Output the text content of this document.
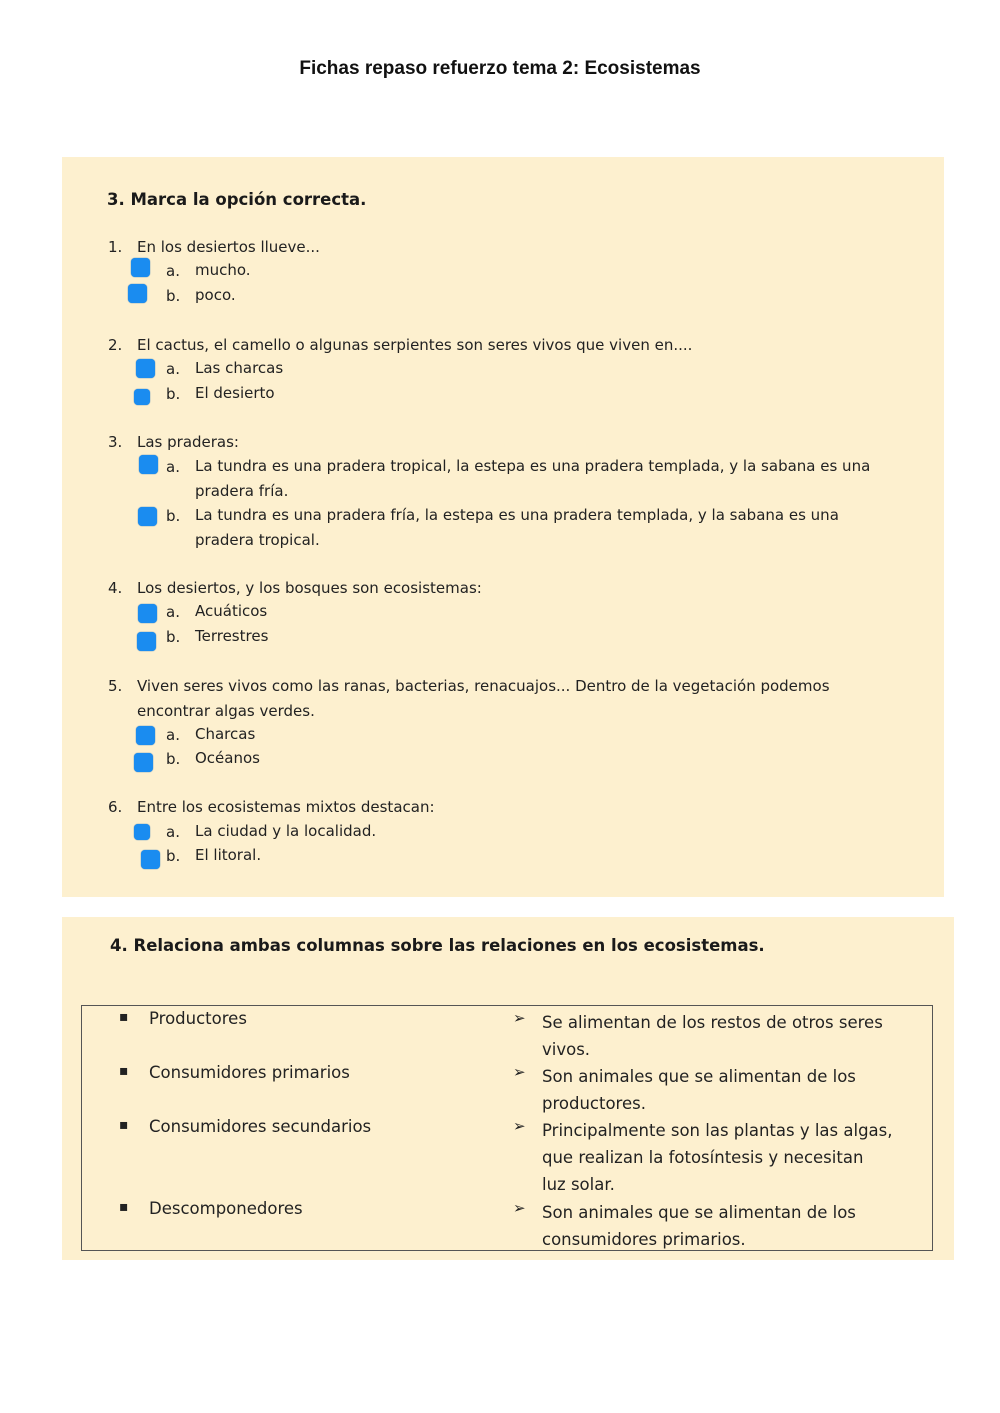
Fichas repaso refuerzo tema 2: Ecosistemas
3. Marca la opción correcta.
1. En los desiertos llueve...
a. mucho.
b. poco.
2. El cactus, el camello o algunas serpientes son seres vivos que viven en....
a. Las charcas
b. El desierto
3. Las praderas:
a. La tundra es una pradera tropical, la estepa es una pradera templada, y la sabana es una
pradera fría.
b. La tundra es una pradera fría, la estepa es una pradera templada, y la sabana es una
pradera tropical.
4. Los desiertos, y los bosques son ecosistemas:
a. Acuáticos
b. Terrestres
5. Viven seres vivos como las ranas, bacterias, renacuajos... Dentro de la vegetación podemos
encontrar algas verdes.
a. Charcas
b. Océanos
6. Entre los ecosistemas mixtos destacan:
a. La ciudad y la localidad.
b. El litoral.
4. Relaciona ambas columnas sobre las relaciones en los ecosistemas.
▪ Productores	➢ Se alimentan de los restos de otros seres
vivos.
▪ Consumidores primarios	➢ Son animales que se alimentan de los
productores.
▪ Consumidores secundarios	➢ Principalmente son las plantas y las algas,
que realizan la fotosíntesis y necesitan
luz solar.
▪ Descomponedores	➢ Son animales que se alimentan de los
consumidores primarios.
